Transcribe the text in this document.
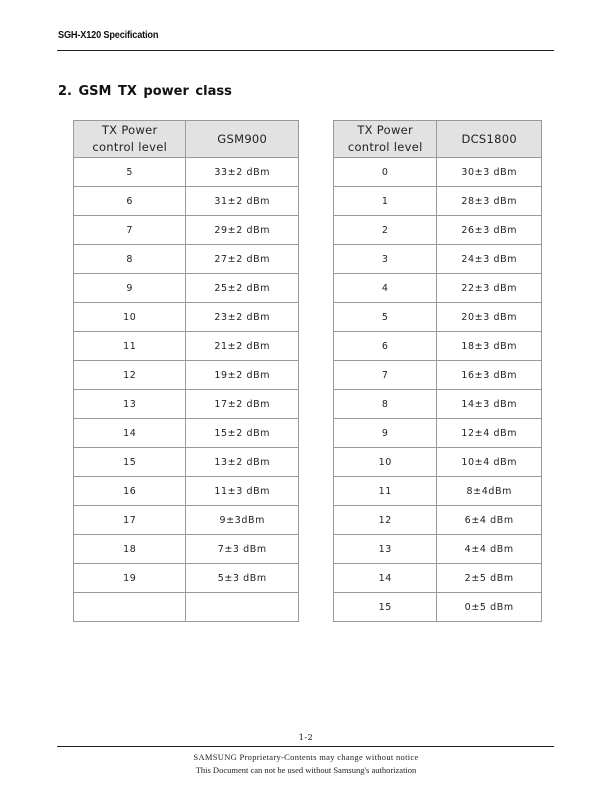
SGH-X120 Specification
2. GSM TX power class
TX Power
control level	GSM900
5	33±2 dBm
6	31±2 dBm
7	29±2 dBm
8	27±2 dBm
9	25±2 dBm
10	23±2 dBm
11	21±2 dBm
12	19±2 dBm
13	17±2 dBm
14	15±2 dBm
15	13±2 dBm
16	11±3 dBm
17	9±3dBm
18	7±3 dBm
19	5±3 dBm

TX Power
control level	DCS1800
0	30±3 dBm
1	28±3 dBm
2	26±3 dBm
3	24±3 dBm
4	22±3 dBm
5	20±3 dBm
6	18±3 dBm
7	16±3 dBm
8	14±3 dBm
9	12±4 dBm
10	10±4 dBm
11	8±4dBm
12	6±4 dBm
13	4±4 dBm
14	2±5 dBm
15	0±5 dBm
1-2
SAMSUNG Proprietary-Contents may change without notice
This Document can not be used without Samsung's authorization
